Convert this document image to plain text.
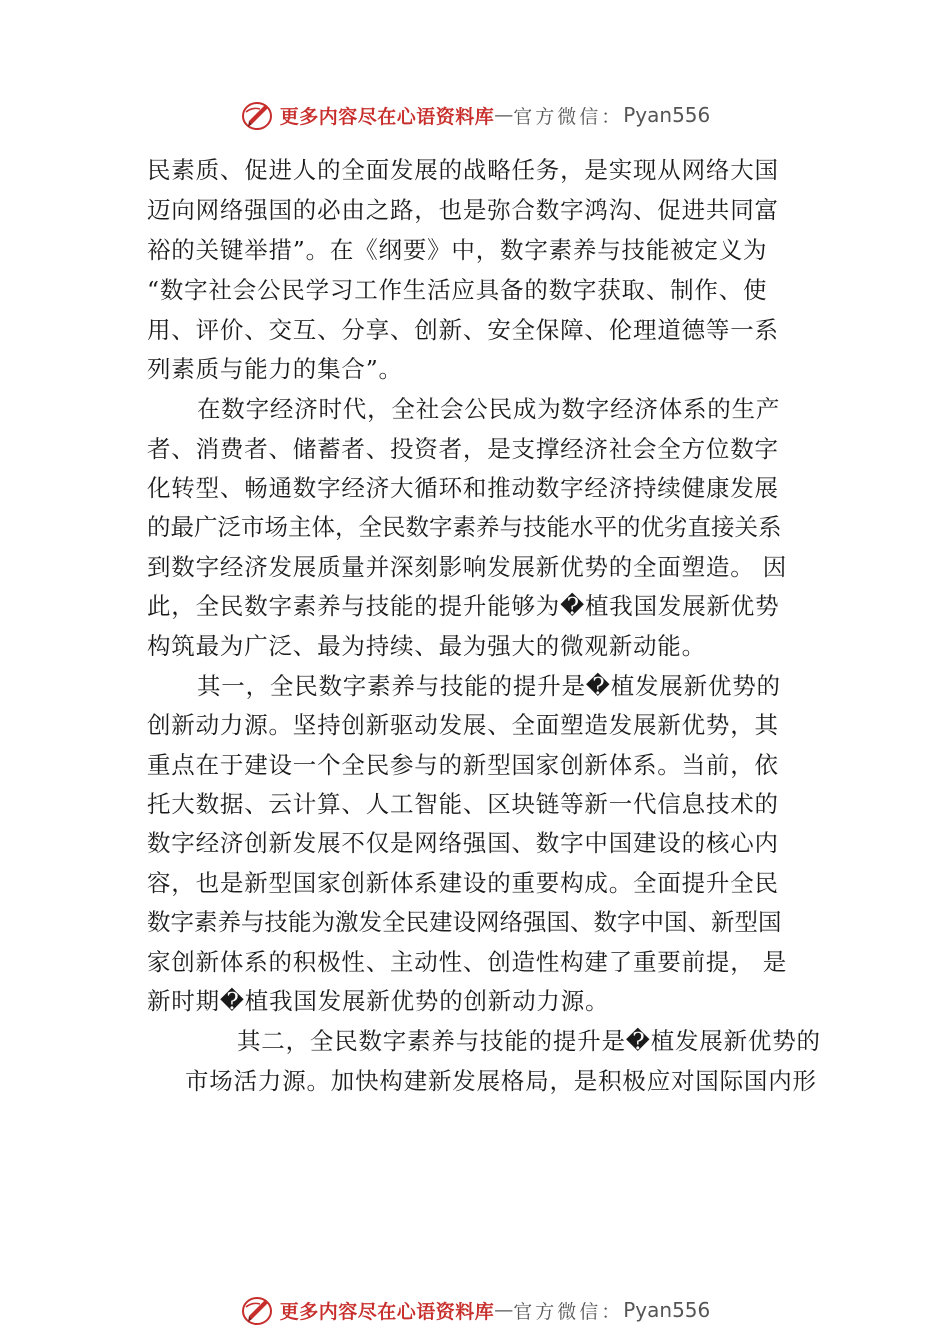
更多内容尽在心语资料库 — 官方微信： Pyan556
民素质、促进人的全面发展的战略任务，是实现从网络大国
迈向网络强国的必由之路，也是弥合数字鸿沟、促进共同富
裕的关键举措”。在《纲要》中，数字素养与技能被定义为
“数字社会公民学习工作生活应具备的数字获取、制作、使
用、评价、交互、分享、创新、安全保障、伦理道德等一系
列素质与能力的集合”。
在数字经济时代，全社会公民成为数字经济体系的生产
者、消费者、储蓄者、投资者，是支撑经济社会全方位数字
化转型、畅通数字经济大循环和推动数字经济持续健康发展
的最广泛市场主体，全民数字素养与技能水平的优劣直接关系
到数字经济发展质量并深刻影响发展新优势的全面塑造。 因
此，全民数字素养与技能的提升能够为�植我国发展新优势
构筑最为广泛、最为持续、最为强大的微观新动能。
其一，全民数字素养与技能的提升是�植发展新优势的
创新动力源。坚持创新驱动发展、全面塑造发展新优势，其
重点在于建设一个全民参与的新型国家创新体系。当前，依
托大数据、云计算、人工智能、区块链等新一代信息技术的
数字经济创新发展不仅是网络强国、数字中国建设的核心内
容，也是新型国家创新体系建设的重要构成。全面提升全民
数字素养与技能为激发全民建设网络强国、数字中国、新型国
家创新体系的积极性、主动性、创造性构建了重要前提， 是
新时期�植我国发展新优势的创新动力源。
其二，全民数字素养与技能的提升是�植发展新优势的
市场活力源。加快构建新发展格局，是积极应对国际国内形
更多内容尽在心语资料库 — 官方微信： Pyan556
